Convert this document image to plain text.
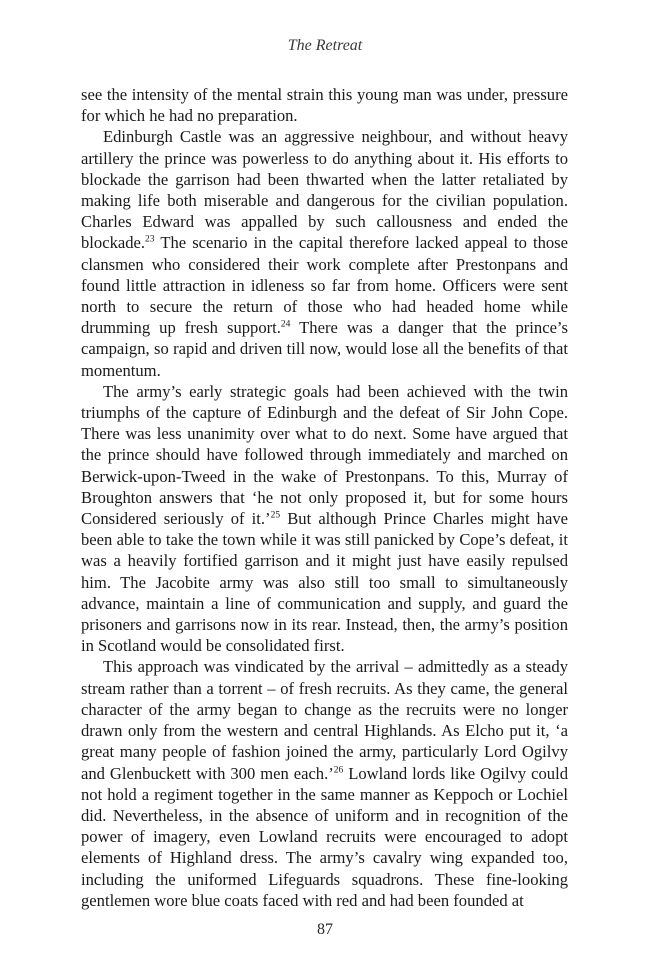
The Retreat

see the intensity of the mental strain this young man was under, pressure for which he had no preparation.

Edinburgh Castle was an aggressive neighbour, and without heavy artillery the prince was powerless to do anything about it. His efforts to blockade the garrison had been thwarted when the latter retaliated by making life both miserable and dangerous for the civilian population. Charles Edward was appalled by such callousness and ended the blockade.$^{23}$ The scenario in the capital therefore lacked appeal to those clansmen who considered their work complete after Prestonpans and found little attraction in idleness so far from home. Officers were sent north to secure the return of those who had headed home while drumming up fresh support.$^{24}$ There was a danger that the prince’s campaign, so rapid and driven till now, would lose all the benefits of that momentum.

The army’s early strategic goals had been achieved with the twin triumphs of the capture of Edinburgh and the defeat of Sir John Cope. There was less unanimity over what to do next. Some have argued that the prince should have followed through immediately and marched on Berwick-upon-Tweed in the wake of Prestonpans. To this, Murray of Broughton answers that ‘he not only proposed it, but for some hours Considered seriously of it.’$^{25}$ But although Prince Charles might have been able to take the town while it was still panicked by Cope’s defeat, it was a heavily fortified garrison and it might just have easily repulsed him. The Jacobite army was also still too small to simultaneously advance, maintain a line of communication and supply, and guard the prisoners and garrisons now in its rear. Instead, then, the army’s position in Scotland would be consolidated first.

This approach was vindicated by the arrival – admittedly as a steady stream rather than a torrent – of fresh recruits. As they came, the general character of the army began to change as the recruits were no longer drawn only from the western and central Highlands. As Elcho put it, ‘a great many people of fashion joined the army, particularly Lord Ogilvy and Glenbuckett with 300 men each.’$^{26}$ Lowland lords like Ogilvy could not hold a regiment together in the same manner as Keppoch or Lochiel did. Nevertheless, in the absence of uniform and in recognition of the power of imagery, even Lowland recruits were encouraged to adopt elements of Highland dress. The army’s cavalry wing expanded too, including the uniformed Lifeguards squadrons. These fine-looking gentlemen wore blue coats faced with red and had been founded at

87
